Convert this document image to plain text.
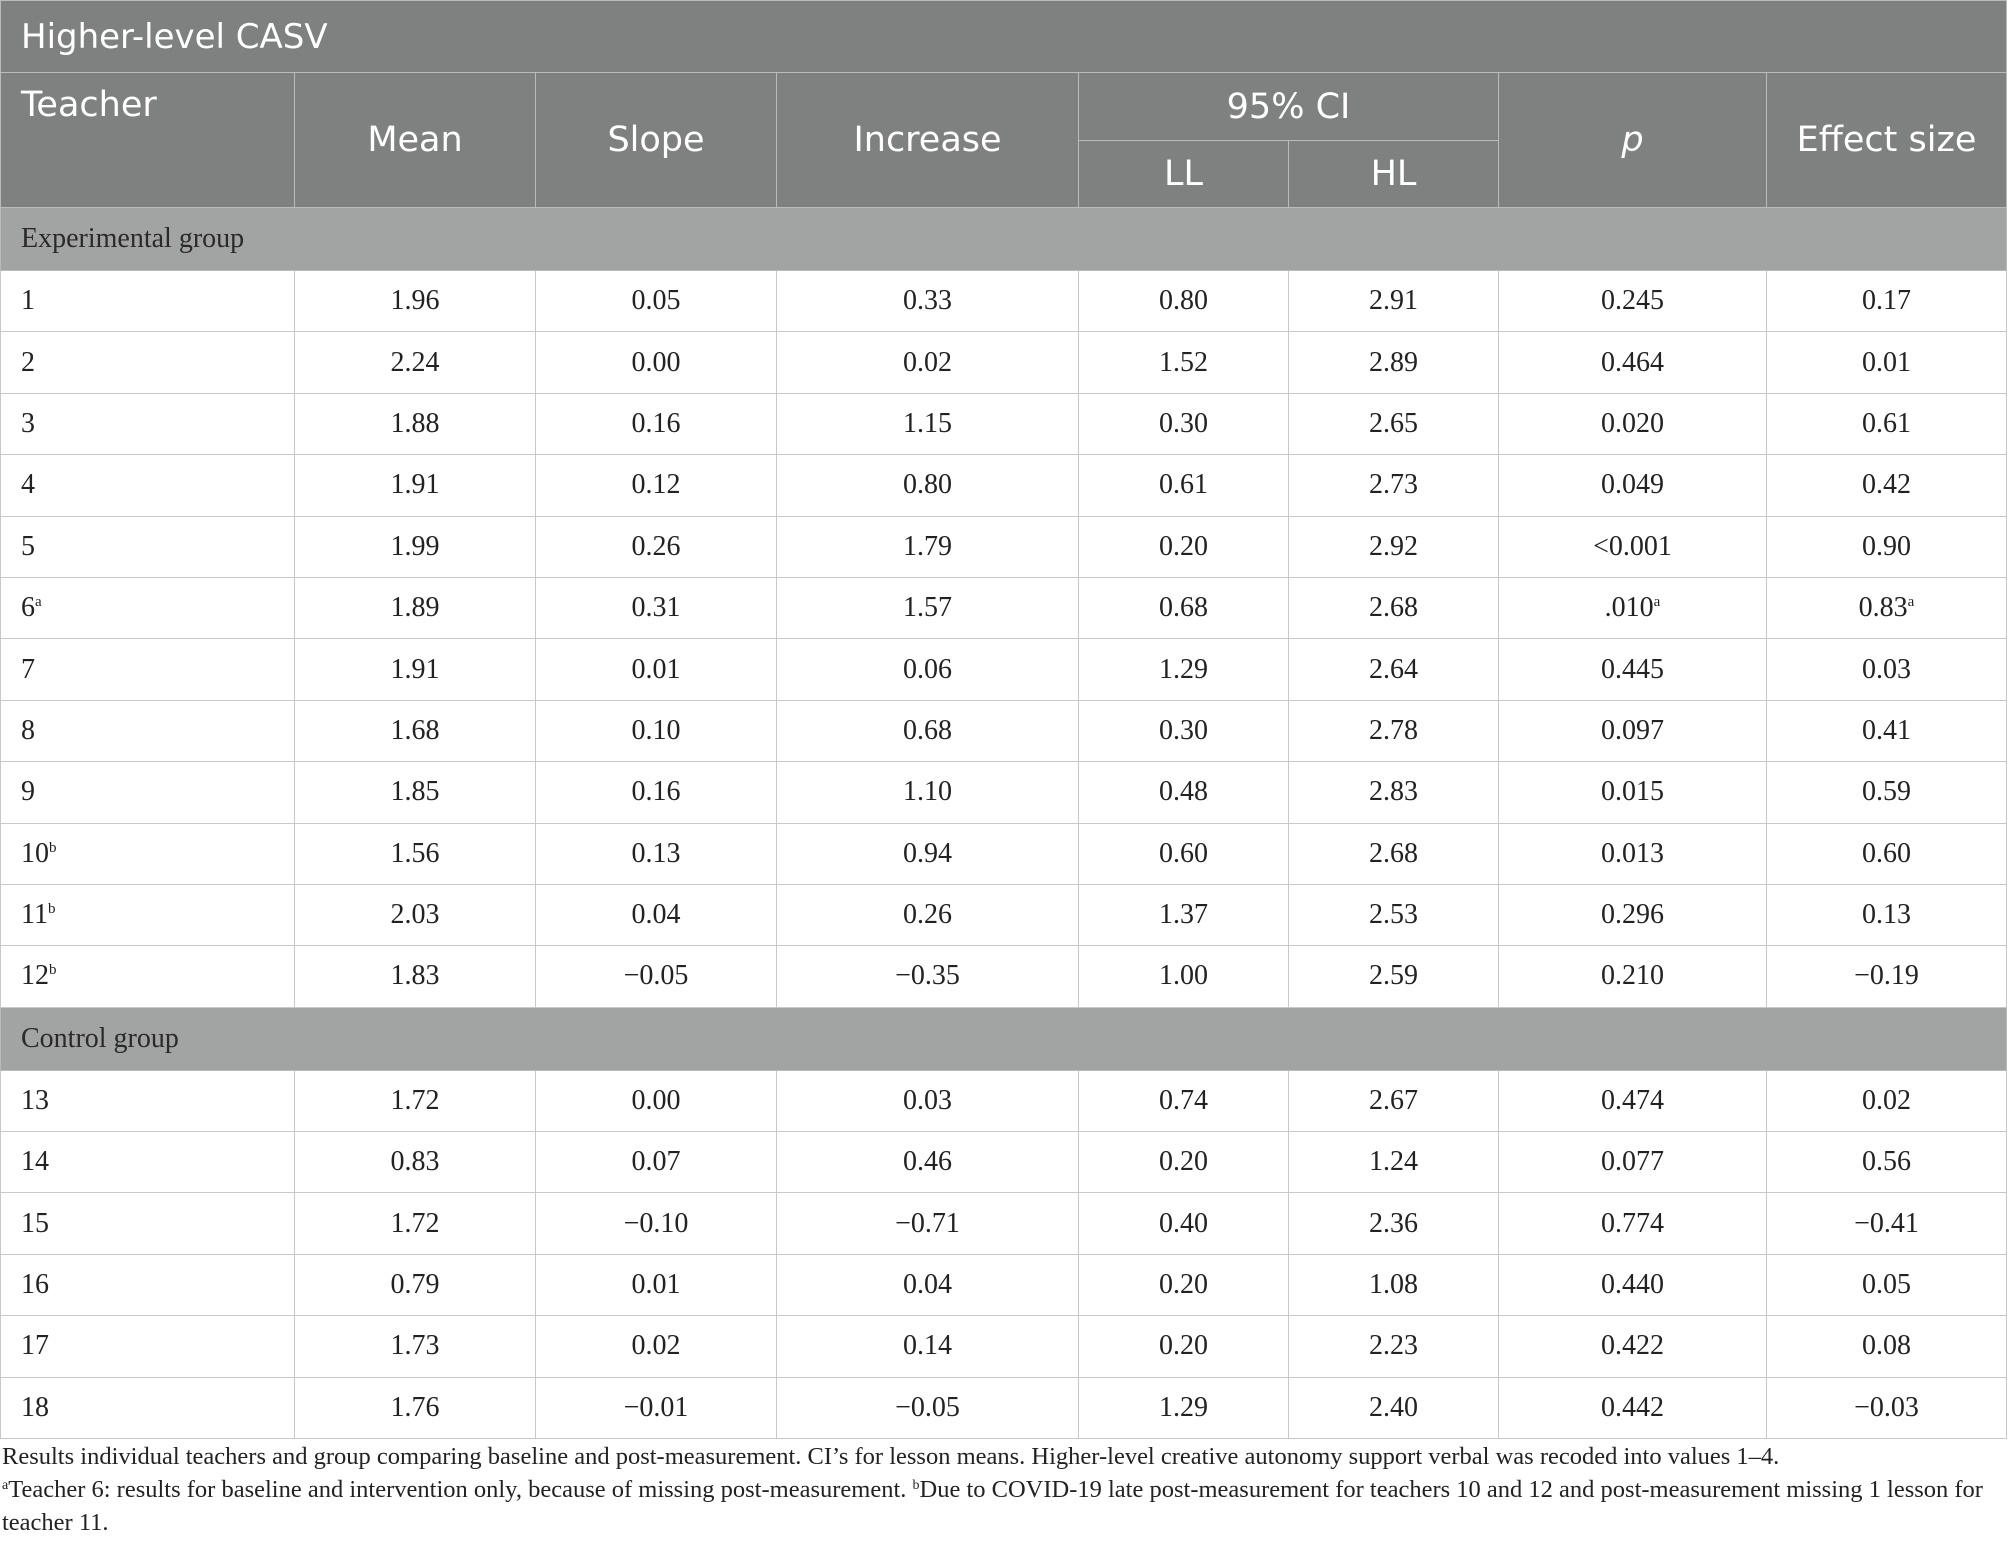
Higher-level CASV							
Teacher	Mean	Slope	Increase	95% CI		p	Effect size
				LL	HL		
Experimental group							
1	1.96	0.05	0.33	0.80	2.91	0.245	0.17
2	2.24	0.00	0.02	1.52	2.89	0.464	0.01
3	1.88	0.16	1.15	0.30	2.65	0.020	0.61
4	1.91	0.12	0.80	0.61	2.73	0.049	0.42
5	1.99	0.26	1.79	0.20	2.92	<0.001	0.90
6$^a$	1.89	0.31	1.57	0.68	2.68	.010$^a$	0.83$^a$
7	1.91	0.01	0.06	1.29	2.64	0.445	0.03
8	1.68	0.10	0.68	0.30	2.78	0.097	0.41
9	1.85	0.16	1.10	0.48	2.83	0.015	0.59
10$^b$	1.56	0.13	0.94	0.60	2.68	0.013	0.60
11$^b$	2.03	0.04	0.26	1.37	2.53	0.296	0.13
12$^b$	1.83	−0.05	−0.35	1.00	2.59	0.210	−0.19
Control group							
13	1.72	0.00	0.03	0.74	2.67	0.474	0.02
14	0.83	0.07	0.46	0.20	1.24	0.077	0.56
15	1.72	−0.10	−0.71	0.40	2.36	0.774	−0.41
16	0.79	0.01	0.04	0.20	1.08	0.440	0.05
17	1.73	0.02	0.14	0.20	2.23	0.422	0.08
18	1.76	−0.01	−0.05	1.29	2.40	0.442	−0.03

Results individual teachers and group comparing baseline and post-measurement. CI’s for lesson means. Higher-level creative autonomy support verbal was recoded into values 1–4.

$^a$Teacher 6: results for baseline and intervention only, because of missing post-measurement. $^b$Due to COVID-19 late post-measurement for teachers 10 and 12 and post-measurement missing 1 lesson for teacher 11.
